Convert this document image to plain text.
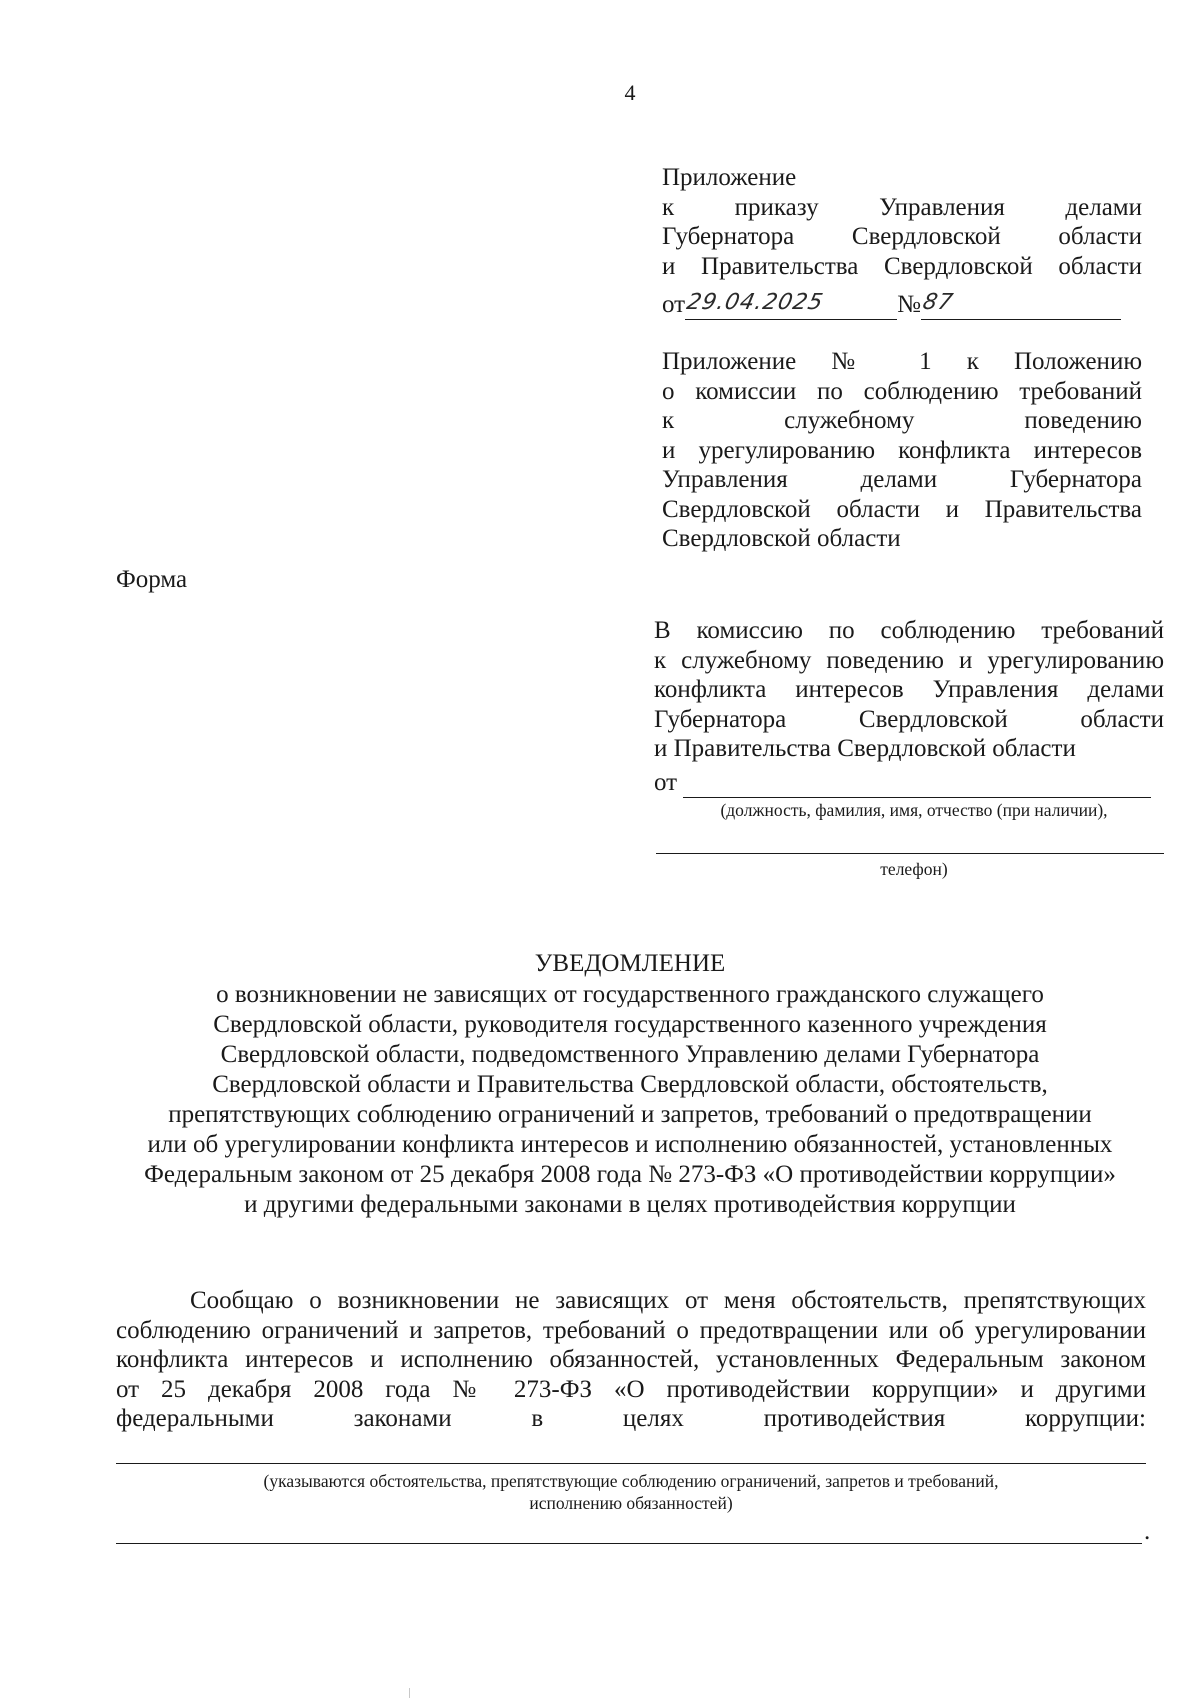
4
Приложение
к приказу Управления делами
Губернатора Свердловской области
и Правительства Свердловской области
от 29.04.2025	№ 87
Приложение № 1 к Положению
о комиссии по соблюдению требований
к служебному поведению
и урегулированию конфликта интересов
Управления делами Губернатора
Свердловской области и Правительства
Свердловской области
Форма
В комиссию по соблюдению требований
к служебному поведению и урегулированию
конфликта интересов Управления делами
Губернатора Свердловской области
и Правительства Свердловской области
от
(должность, фамилия, имя, отчество (при наличии),
телефон)
УВЕДОМЛЕНИЕ
о возникновении не зависящих от государственного гражданского служащего
Свердловской области, руководителя государственного казенного учреждения
Свердловской области, подведомственного Управлению делами Губернатора
Свердловской области и Правительства Свердловской области, обстоятельств,
препятствующих соблюдению ограничений и запретов, требований о предотвращении
или об урегулировании конфликта интересов и исполнению обязанностей, установленных
Федеральным законом от 25 декабря 2008 года № 273-ФЗ «О противодействии коррупции»
и другими федеральными законами в целях противодействия коррупции
Сообщаю о возникновении не зависящих от меня обстоятельств, препятствующих
соблюдению ограничений и запретов, требований о предотвращении или об урегулировании
конфликта интересов и исполнению обязанностей, установленных Федеральным законом
от 25 декабря 2008 года № 273-ФЗ «О противодействии коррупции» и другими
федеральными законами в целях противодействия коррупции:
(указываются обстоятельства, препятствующие соблюдению ограничений, запретов и требований,
исполнению обязанностей)
.
